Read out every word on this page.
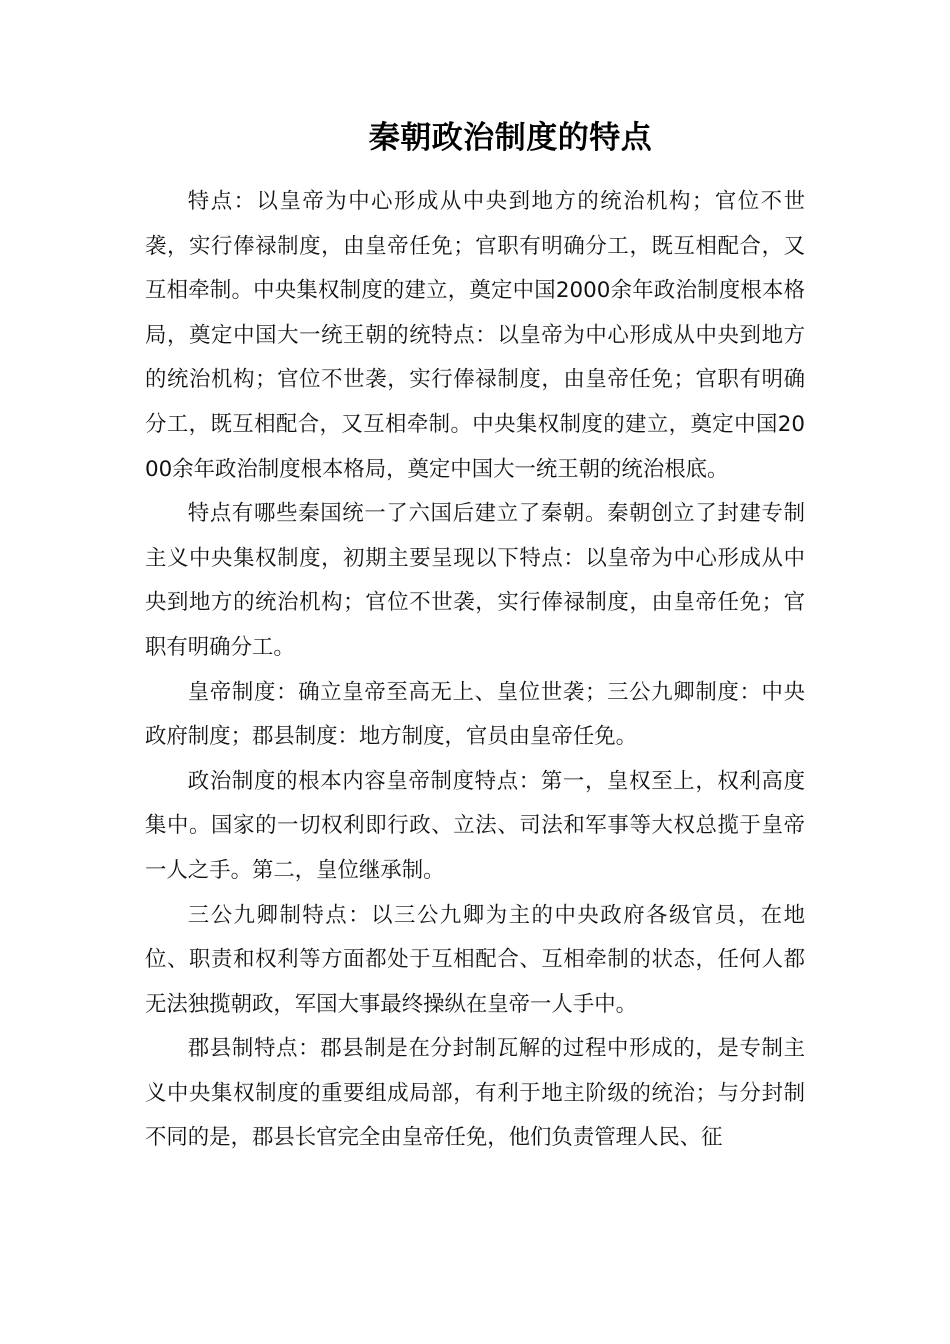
秦朝政治制度的特点

特点：以皇帝为中心形成从中央到地方的统治机构；官位不世袭，实行俸禄制度，由皇帝任免；官职有明确分工，既互相配合，又互相牵制。中央集权制度的建立，奠定中国2000余年政治制度根本格局，奠定中国大一统王朝的统特点：以皇帝为中心形成从中央到地方的统治机构；官位不世袭，实行俸禄制度，由皇帝任免；官职有明确分工，既互相配合，又互相牵制。中央集权制度的建立，奠定中国2000余年政治制度根本格局，奠定中国大一统王朝的统治根底。

特点有哪些秦国统一了六国后建立了秦朝。秦朝创立了封建专制主义中央集权制度，初期主要呈现以下特点：以皇帝为中心形成从中央到地方的统治机构；官位不世袭，实行俸禄制度，由皇帝任免；官职有明确分工。

皇帝制度：确立皇帝至高无上、皇位世袭；三公九卿制度：中央政府制度；郡县制度：地方制度，官员由皇帝任免。

政治制度的根本内容皇帝制度特点：第一，皇权至上，权利高度集中。国家的一切权利即行政、立法、司法和军事等大权总揽于皇帝一人之手。第二，皇位继承制。

三公九卿制特点：以三公九卿为主的中央政府各级官员，在地位、职责和权利等方面都处于互相配合、互相牵制的状态，任何人都无法独揽朝政，军国大事最终操纵在皇帝一人手中。

郡县制特点：郡县制是在分封制瓦解的过程中形成的，是专制主义中央集权制度的重要组成局部，有利于地主阶级的统治；与分封制不同的是，郡县长官完全由皇帝任免，他们负责管理人民、征
